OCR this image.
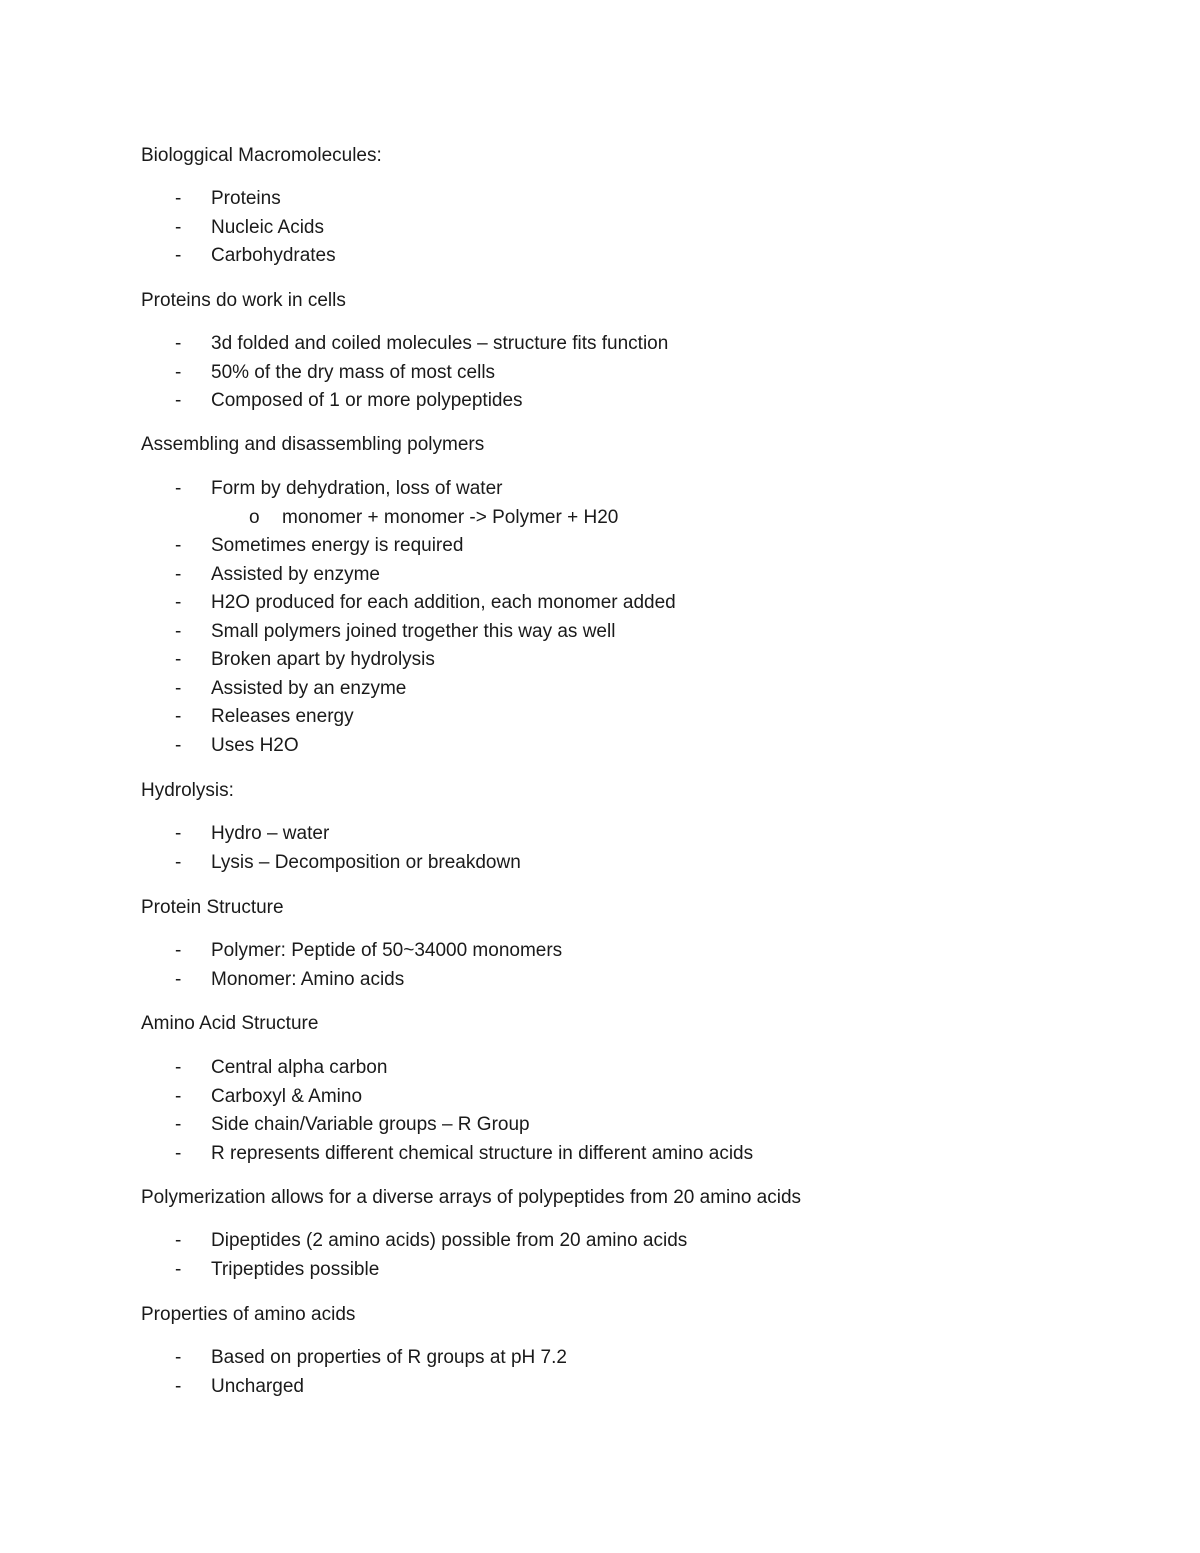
Biologgical Macromolecules:
- Proteins
- Nucleic Acids
- Carbohydrates
Proteins do work in cells
- 3d folded and coiled molecules – structure fits function
- 50% of the dry mass of most cells
- Composed of 1 or more polypeptides
Assembling and disassembling polymers
- Form by dehydration, loss of water
o monomer + monomer -> Polymer + H20
- Sometimes energy is required
- Assisted by enzyme
- H2O produced for each addition, each monomer added
- Small polymers joined trogether this way as well
- Broken apart by hydrolysis
- Assisted by an enzyme
- Releases energy
- Uses H2O
Hydrolysis:
- Hydro – water
- Lysis – Decomposition or breakdown
Protein Structure
- Polymer: Peptide of 50~34000 monomers
- Monomer: Amino acids
Amino Acid Structure
- Central alpha carbon
- Carboxyl & Amino
- Side chain/Variable groups – R Group
- R represents different chemical structure in different amino acids
Polymerization allows for a diverse arrays of polypeptides from 20 amino acids
- Dipeptides (2 amino acids) possible from 20 amino acids
- Tripeptides possible
Properties of amino acids
- Based on properties of R groups at pH 7.2
- Uncharged
